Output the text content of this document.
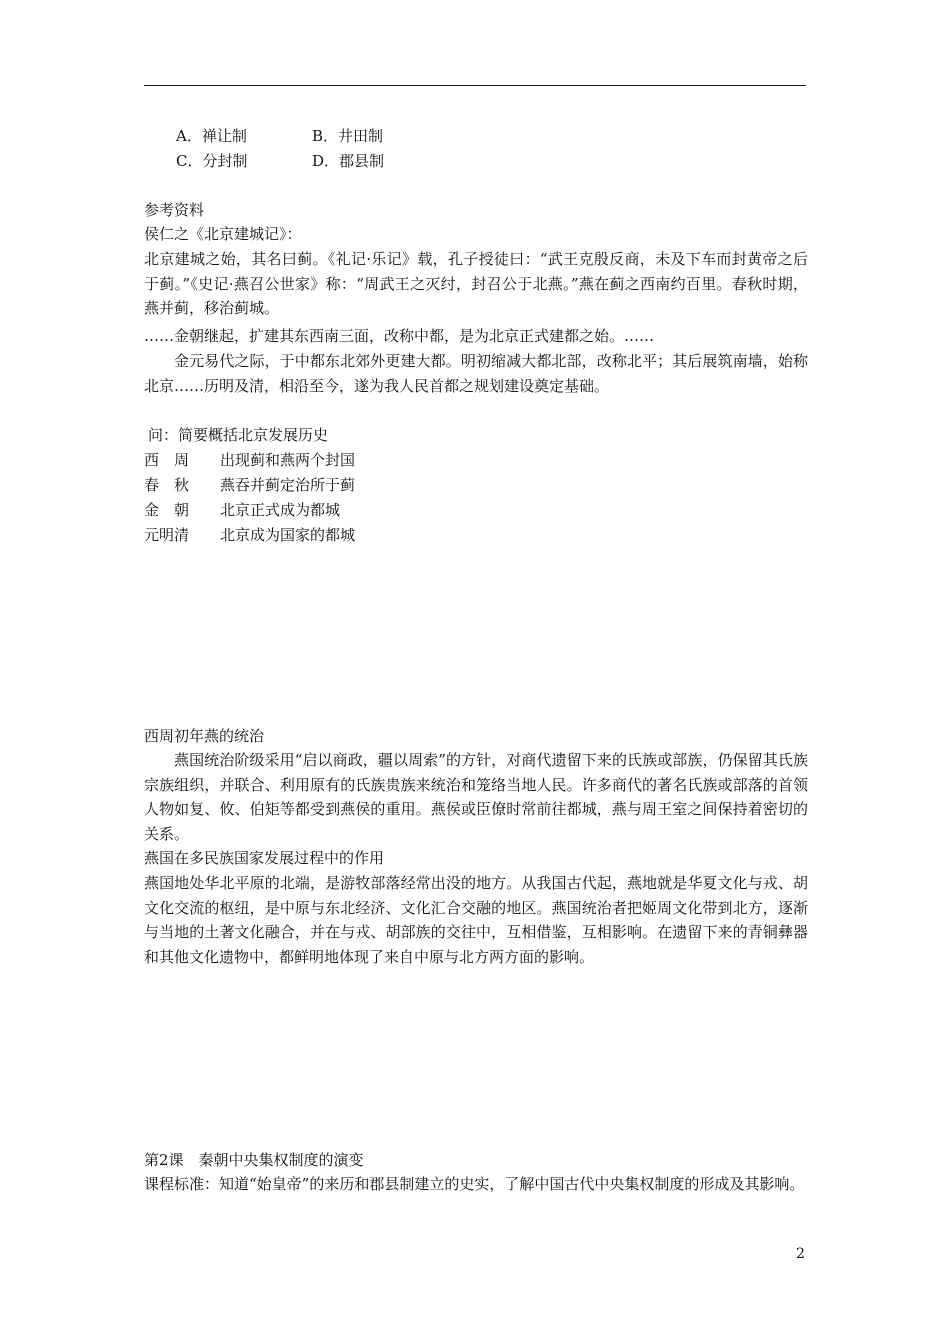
A．禅让制	B．井田制
C．分封制	D．郡县制
参考资料
侯仁之《北京建城记》：
北京建城之始，其名曰蓟。《礼记·乐记》载，孔子授徒曰：“武王克殷反商，未及下车而封黄帝之后于蓟。”《史记·燕召公世家》称：“周武王之灭纣，封召公于北燕。”燕在蓟之西南约百里。春秋时期，燕并蓟，移治蓟城。
……金朝继起，扩建其东西南三面，改称中都，是为北京正式建都之始。……
金元易代之际，于中都东北郊外更建大都。明初缩减大都北部，改称北平；其后展筑南墙，始称北京……历明及清，相沿至今，遂为我人民首都之规划建设奠定基础。
问：简要概括北京发展历史
西　周	出现蓟和燕两个封国
春　秋	燕吞并蓟定治所于蓟
金　朝	北京正式成为都城
元明清	北京成为国家的都城
西周初年燕的统治
燕国统治阶级采用“启以商政，疆以周索”的方针，对商代遗留下来的氏族或部族，仍保留其氏族宗族组织，并联合、利用原有的氏族贵族来统治和笼络当地人民。许多商代的著名氏族或部落的首领人物如复、攸、伯矩等都受到燕侯的重用。燕侯或臣僚时常前往都城，燕与周王室之间保持着密切的关系。
燕国在多民族国家发展过程中的作用
燕国地处华北平原的北端，是游牧部落经常出没的地方。从我国古代起，燕地就是华夏文化与戎、胡文化交流的枢纽，是中原与东北经济、文化汇合交融的地区。燕国统治者把姬周文化带到北方，逐渐与当地的土著文化融合，并在与戎、胡部族的交往中，互相借鉴，互相影响。在遗留下来的青铜彝器和其他文化遗物中，都鲜明地体现了来自中原与北方两方面的影响。
第2课　秦朝中央集权制度的演变
课程标准：知道“始皇帝”的来历和郡县制建立的史实，了解中国古代中央集权制度的形成及其影响。
2
